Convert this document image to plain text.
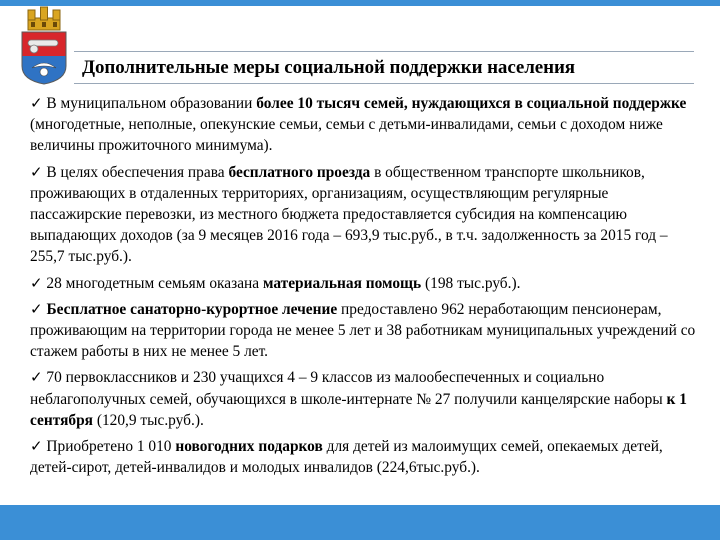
Дополнительные меры социальной поддержки населения
✓ В муниципальном образовании более 10 тысяч семей, нуждающихся в социальной поддержке (многодетные, неполные, опекунские семьи, семьи с детьми-инвалидами, семьи с доходом ниже величины прожиточного минимума).
✓ В целях обеспечения права бесплатного проезда в общественном транспорте школьников, проживающих в отдаленных территориях, организациям, осуществляющим регулярные пассажирские перевозки, из местного бюджета предоставляется субсидия на компенсацию выпадающих доходов (за 9 месяцев 2016 года – 693,9 тыс.руб., в т.ч. задолженность за 2015 год – 255,7 тыс.руб.).
✓ 28 многодетным семьям оказана материальная помощь (198 тыс.руб.).
✓ Бесплатное санаторно-курортное лечение предоставлено 962 неработающим пенсионерам, проживающим на территории города не менее 5 лет и 38 работникам муниципальных учреждений со стажем работы в них не менее 5 лет.
✓ 70 первоклассников и 230 учащихся 4 – 9 классов из малообеспеченных и социально неблагополучных семей, обучающихся в школе-интернате № 27 получили канцелярские наборы к 1 сентября (120,9 тыс.руб.).
✓ Приобретено 1 010 новогодних подарков для детей из малоимущих семей, опекаемых детей, детей-сирот, детей-инвалидов и молодых инвалидов (224,6тыс.руб.).
